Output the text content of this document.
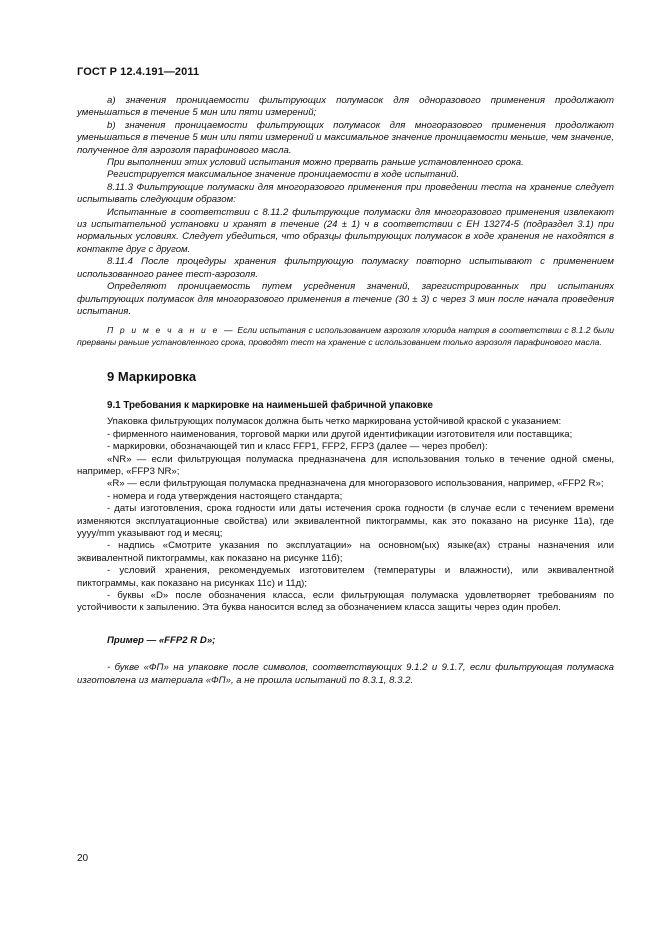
ГОСТ Р 12.4.191—2011

а) значения проницаемости фильтрующих полумасок для одноразового применения продолжают уменьшаться в течение 5 мин или пяти измерений;

b) значения проницаемости фильтрующих полумасок для многоразового применения продолжают уменьшаться в течение 5 мин или пяти измерений и максимальное значение проницаемости меньше, чем значение, полученное для аэрозоля парафинового масла.

При выполнении этих условий испытания можно прервать раньше установленного срока.

Регистрируется максимальное значение проницаемости в ходе испытаний.

8.11.3 Фильтрующие полумаски для многоразового применения при проведении теста на хранение следует испытывать следующим образом:

Испытанные в соответствии с 8.11.2 фильтрующие полумаски для многоразового применения извлекают из испытательной установки и хранят в течение (24 ± 1) ч в соответствии с ЕН 13274-5 (подраздел 3.1) при нормальных условиях. Следует убедиться, что образцы фильтрующих полумасок в ходе хранения не находятся в контакте друг с другом.

8.11.4 После процедуры хранения фильтрующую полумаску повторно испытывают с применением использованного ранее тест-аэрозоля.

Определяют проницаемость путем усреднения значений, зарегистрированных при испытаниях фильтрующих полумасок для многоразового применения в течение (30 ± 3) с через 3 мин после начала проведения испытания.

П р и м е ч а н и е — Если испытания с использованием аэрозоля хлорида натрия в соответствии с 8.1.2 были прерваны раньше установленного срока, проводят тест на хранение с использованием только аэрозоля парафинового масла.

9 Маркировка
9.1 Требования к маркировке на наименьшей фабричной упаковке

Упаковка фильтрующих полумасок должна быть четко маркирована устойчивой краской с указанием:

- фирменного наименования, торговой марки или другой идентификации изготовителя или поставщика;

- маркировки, обозначающей тип и класс FFP1, FFP2, FFP3 (далее — через пробел):

«NR» — если фильтрующая полумаска предназначена для использования только в течение одной смены, например, «FFP3 NR»;

«R» — если фильтрующая полумаска предназначена для многоразового использования, например, «FFP2 R»;

- номера и года утверждения настоящего стандарта;

- даты изготовления, срока годности или даты истечения срока годности (в случае если с течением времени изменяются эксплуатационные свойства) или эквивалентной пиктограммы, как это показано на рисунке 11а), где уууу/mm указывают год и месяц;

- надпись «Смотрите указания по эксплуатации» на основном(ых) языке(ах) страны назначения или эквивалентной пиктограммы, как показано на рисунке 11б);

- условий хранения, рекомендуемых изготовителем (температуры и влажности), или эквивалентной пиктограммы, как показано на рисунках 11с) и 11д);

- буквы «D» после обозначения класса, если фильтрующая полумаска удовлетворяет требованиям по устойчивости к запылению. Эта буква наносится вслед за обозначением класса защиты через один пробел.

Пример — «FFP2 R D»;

- букве «ФП» на упаковке после символов, соответствующих 9.1.2 и 9.1.7, если фильтрующая полумаска изготовлена из материала «ФП», а не прошла испытаний по 8.3.1, 8.3.2.

20
